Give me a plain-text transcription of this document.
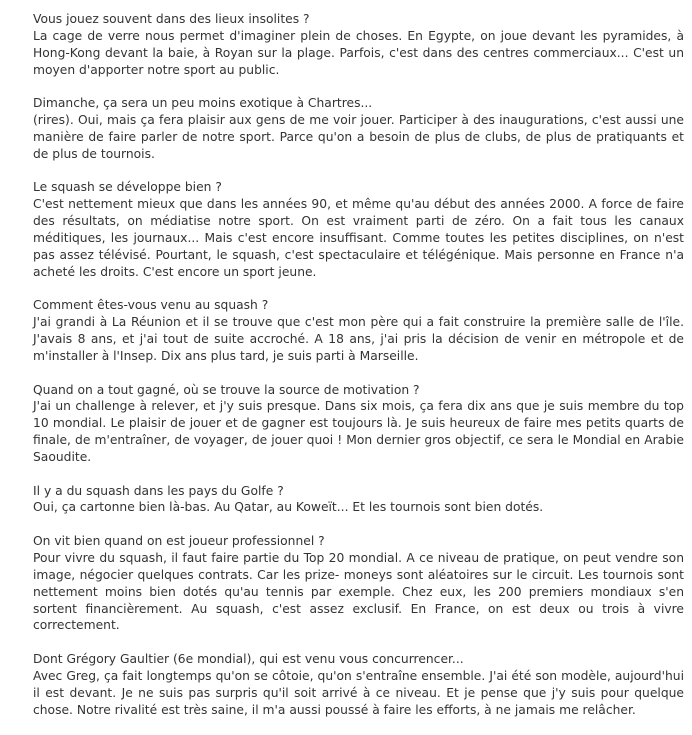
Vous jouez souvent dans des lieux insolites ?
La cage de verre nous permet d'imaginer plein de choses. En Egypte, on joue devant les pyramides, à Hong-Kong devant la baie, à Royan sur la plage. Parfois, c'est dans des centres commerciaux... C'est un moyen d'apporter notre sport au public.
Dimanche, ça sera un peu moins exotique à Chartres...
(rires). Oui, mais ça fera plaisir aux gens de me voir jouer. Participer à des inaugurations, c'est aussi une manière de faire parler de notre sport. Parce qu'on a besoin de plus de clubs, de plus de pratiquants et de plus de tournois.
Le squash se développe bien ?
C'est nettement mieux que dans les années 90, et même qu'au début des années 2000. A force de faire des résultats, on médiatise notre sport. On est vraiment parti de zéro. On a fait tous les canaux méditiques, les journaux... Mais c'est encore insuffisant. Comme toutes les petites disciplines, on n'est pas assez télévisé. Pourtant, le squash, c'est spectaculaire et télégénique. Mais personne en France n'a acheté les droits. C'est encore un sport jeune.
Comment êtes-vous venu au squash ?
J'ai grandi à La Réunion et il se trouve que c'est mon père qui a fait construire la première salle de l'île. J'avais 8 ans, et j'ai tout de suite accroché. A 18 ans, j'ai pris la décision de venir en métropole et de m'installer à l'Insep. Dix ans plus tard, je suis parti à Marseille.
Quand on a tout gagné, où se trouve la source de motivation ?
J'ai un challenge à relever, et j'y suis presque. Dans six mois, ça fera dix ans que je suis membre du top 10 mondial. Le plaisir de jouer et de gagner est toujours là. Je suis heureux de faire mes petits quarts de finale, de m'entraîner, de voyager, de jouer quoi ! Mon dernier gros objectif, ce sera le Mondial en Arabie Saoudite.
Il y a du squash dans les pays du Golfe ?
Oui, ça cartonne bien là-bas. Au Qatar, au Koweït... Et les tournois sont bien dotés.
On vit bien quand on est joueur professionnel ?
Pour vivre du squash, il faut faire partie du Top 20 mondial. A ce niveau de pratique, on peut vendre son image, négocier quelques contrats. Car les prize- moneys sont aléatoires sur le circuit. Les tournois sont nettement moins bien dotés qu'au tennis par exemple. Chez eux, les 200 premiers mondiaux s'en sortent financièrement. Au squash, c'est assez exclusif. En France, on est deux ou trois à vivre correctement.
Dont Grégory Gaultier (6e mondial), qui est venu vous concurrencer...
Avec Greg, ça fait longtemps qu'on se côtoie, qu'on s'entraîne ensemble. J'ai été son modèle, aujourd'hui il est devant. Je ne suis pas surpris qu'il soit arrivé à ce niveau. Et je pense que j'y suis pour quelque chose. Notre rivalité est très saine, il m'a aussi poussé à faire les efforts, à ne jamais me relâcher.
